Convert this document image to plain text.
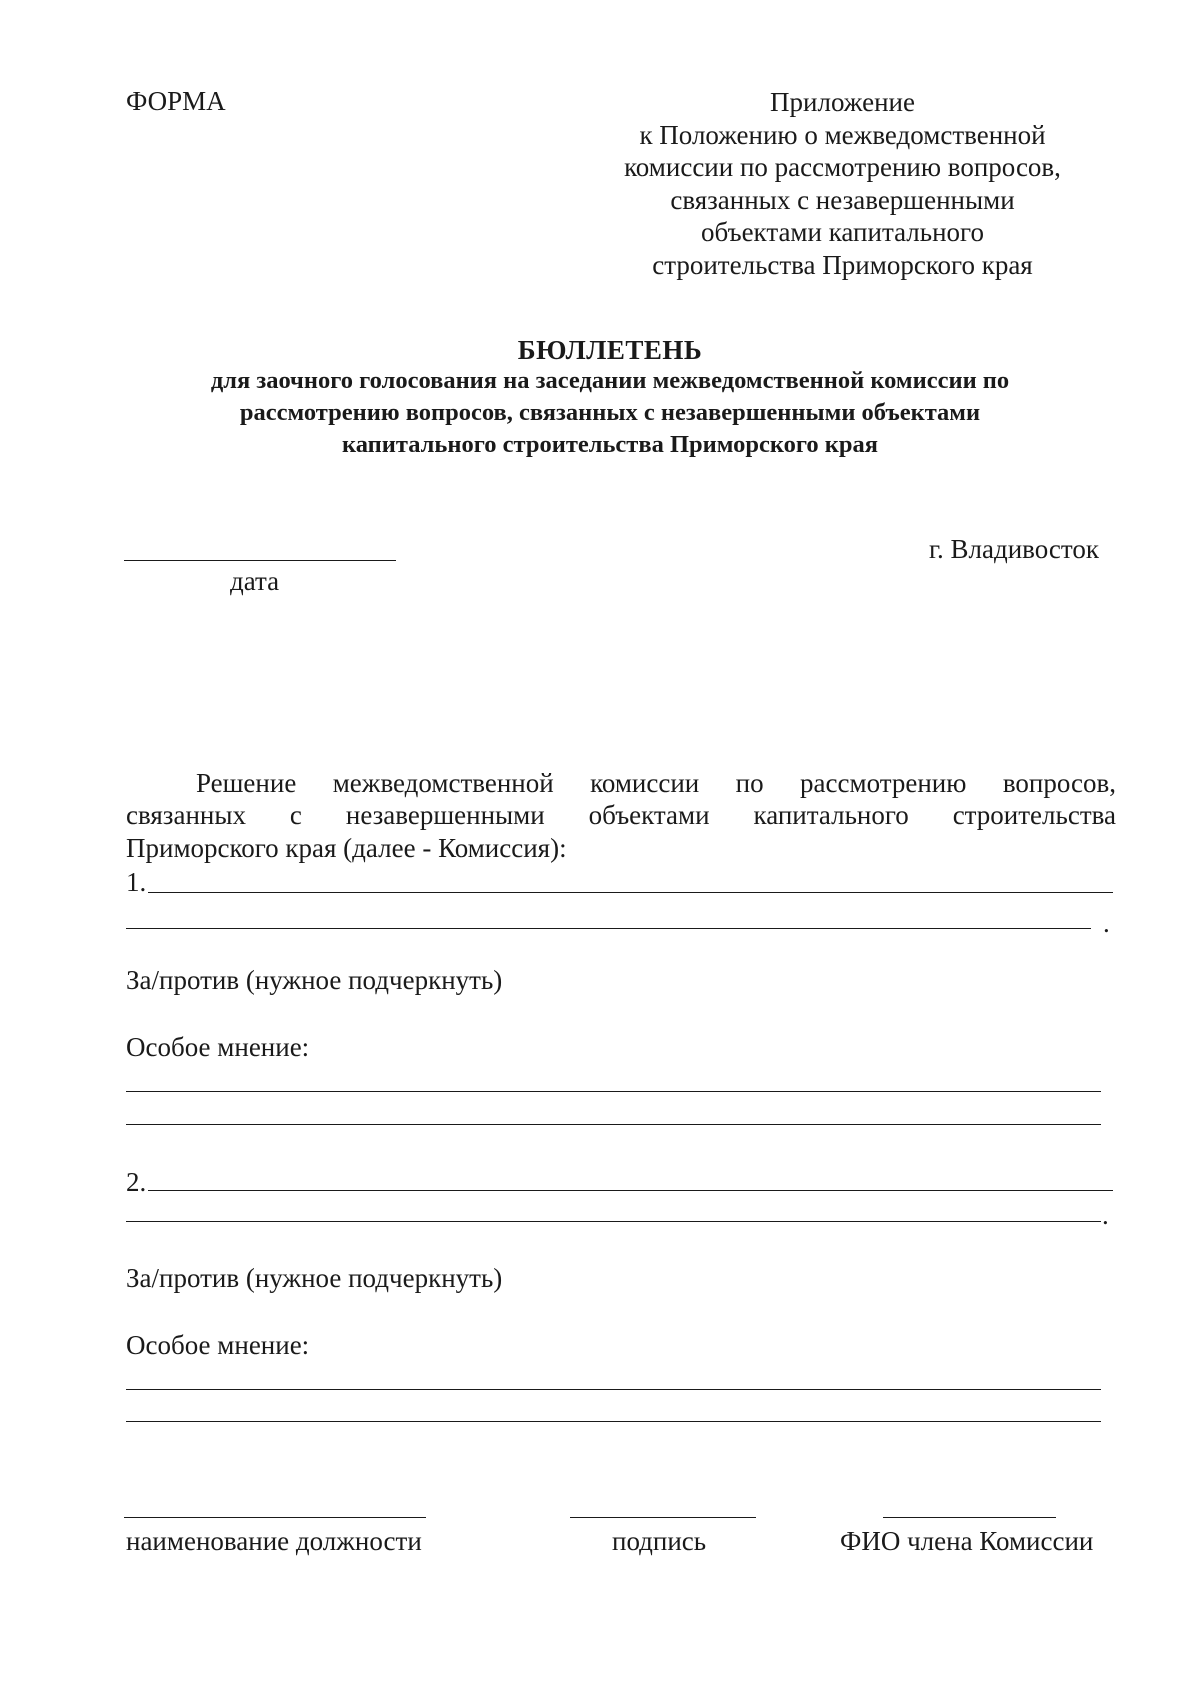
ФОРМА	Приложение
к Положению о межведомственной
комиссии по рассмотрению вопросов,
связанных с незавершенными
объектами капитального
строительства Приморского края
БЮЛЛЕТЕНЬ
для заочного голосования на заседании межведомственной комиссии по
рассмотрению вопросов, связанных с незавершенными объектами
капитального строительства Приморского края
дата
г. Владивосток
Решение межведомственной комиссии по рассмотрению вопросов,
связанных с незавершенными объектами капитального строительства
Приморского края (далее - Комиссия):
1.
.
За/против (нужное подчеркнуть)
Особое мнение:
2.
.
За/против (нужное подчеркнуть)
Особое мнение:
наименование должности	подпись	ФИО члена Комиссии
